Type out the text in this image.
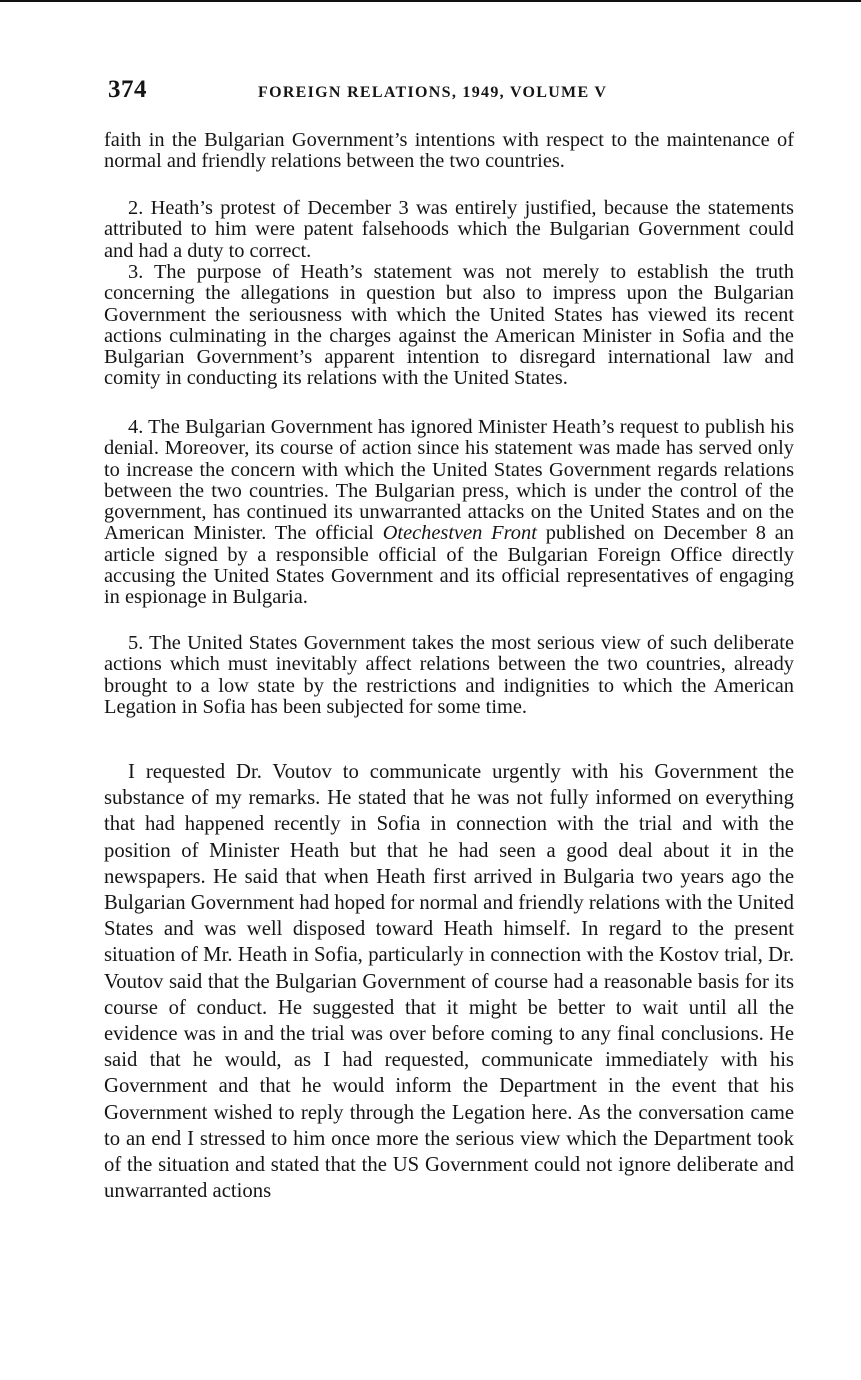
374	FOREIGN RELATIONS, 1949, VOLUME V

faith in the Bulgarian Government’s intentions with respect to the maintenance of normal and friendly relations between the two countries.

2. Heath’s protest of December 3 was entirely justified, because the statements attributed to him were patent falsehoods which the Bulgarian Government could and had a duty to correct.

3. The purpose of Heath’s statement was not merely to establish the truth concerning the allegations in question but also to impress upon the Bulgarian Government the seriousness with which the United States has viewed its recent actions culminating in the charges against the American Minister in Sofia and the Bulgarian Government’s apparent intention to disregard international law and comity in conducting its relations with the United States.

4. The Bulgarian Government has ignored Minister Heath’s request to publish his denial. Moreover, its course of action since his statement was made has served only to increase the concern with which the United States Government regards relations between the two countries. The Bulgarian press, which is under the control of the government, has continued its unwarranted attacks on the United States and on the American Minister. The official Otechestven Front published on December 8 an article signed by a responsible official of the Bulgarian Foreign Office directly accusing the United States Government and its official representatives of engaging in espionage in Bulgaria.

5. The United States Government takes the most serious view of such deliberate actions which must inevitably affect relations between the two countries, already brought to a low state by the restrictions and indignities to which the American Legation in Sofia has been subjected for some time.

I requested Dr. Voutov to communicate urgently with his Government the substance of my remarks. He stated that he was not fully informed on everything that had happened recently in Sofia in connection with the trial and with the position of Minister Heath but that he had seen a good deal about it in the newspapers. He said that when Heath first arrived in Bulgaria two years ago the Bulgarian Government had hoped for normal and friendly relations with the United States and was well disposed toward Heath himself. In regard to the present situation of Mr. Heath in Sofia, particularly in connection with the Kostov trial, Dr. Voutov said that the Bulgarian Government of course had a reasonable basis for its course of conduct. He suggested that it might be better to wait until all the evidence was in and the trial was over before coming to any final conclusions. He said that he would, as I had requested, communicate immediately with his Government and that he would inform the Department in the event that his Government wished to reply through the Legation here. As the conversation came to an end I stressed to him once more the serious view which the Department took of the situation and stated that the US Government could not ignore deliberate and unwarranted actions
